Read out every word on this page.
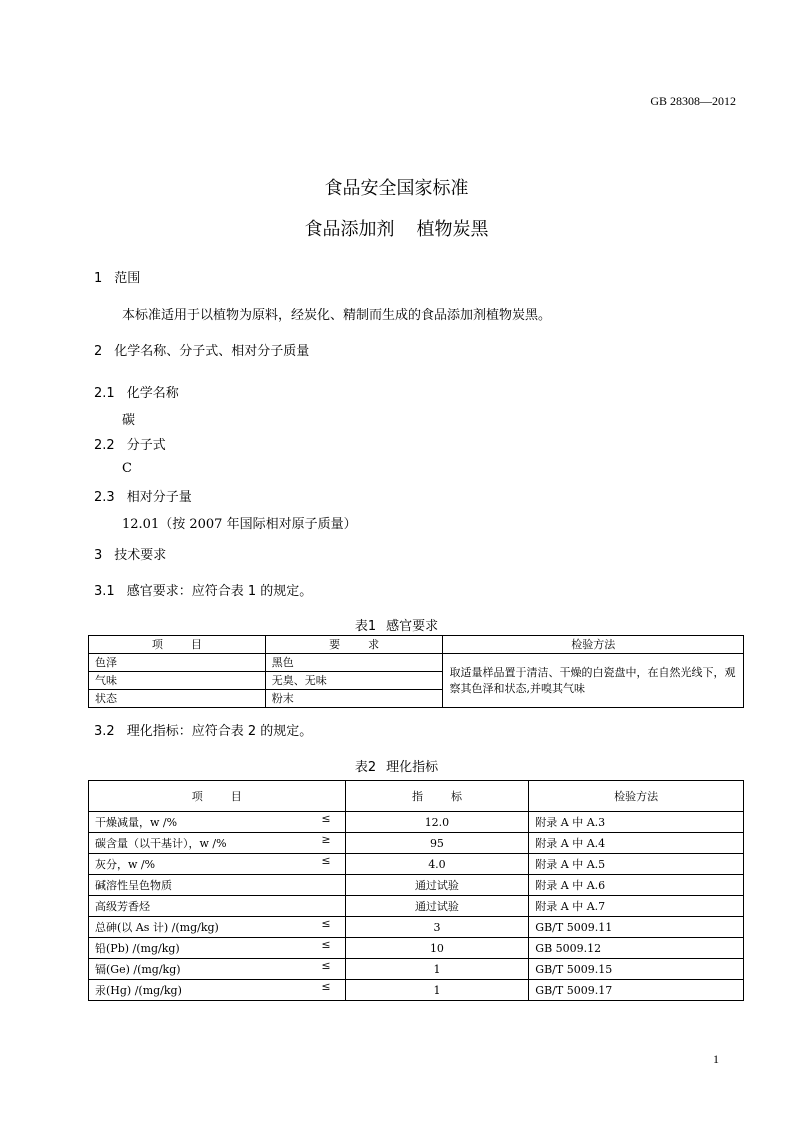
GB 28308—2012
食品安全国家标准
食品添加剂 植物炭黑
1 范围
本标准适用于以植物为原料，经炭化、精制而生成的食品添加剂植物炭黑。
2 化学名称、分子式、相对分子质量
2.1 化学名称
碳
2.2 分子式
C
2.3 相对分子量
12.01（按 2007 年国际相对原子质量）
3 技术要求
3.1 感官要求：应符合表 1 的规定。
表1 感官要求
项 目	要 求	检验方法
色泽	黑色	取适量样品置于清洁、干燥的白瓷盘中，在自然光线下，观察其色泽和状态,并嗅其气味
气味	无臭、无味	
状态	粉末	
3.2 理化指标：应符合表 2 的规定。
表2 理化指标
项 目	指 标	检验方法
干燥减量，w /% ≤	12.0	附录 A 中 A.3
碳含量（以干基计），w /% ≥	95	附录 A 中 A.4
灰分，w /% ≤	4.0	附录 A 中 A.5
碱溶性呈色物质	通过试验	附录 A 中 A.6
高级芳香烃	通过试验	附录 A 中 A.7
总砷(以 As 计) /(mg/kg) ≤	3	GB/T 5009.11
铅(Pb) /(mg/kg) ≤	10	GB 5009.12
镉(Ge) /(mg/kg) ≤	1	GB/T 5009.15
汞(Hg) /(mg/kg) ≤	1	GB/T 5009.17
1
